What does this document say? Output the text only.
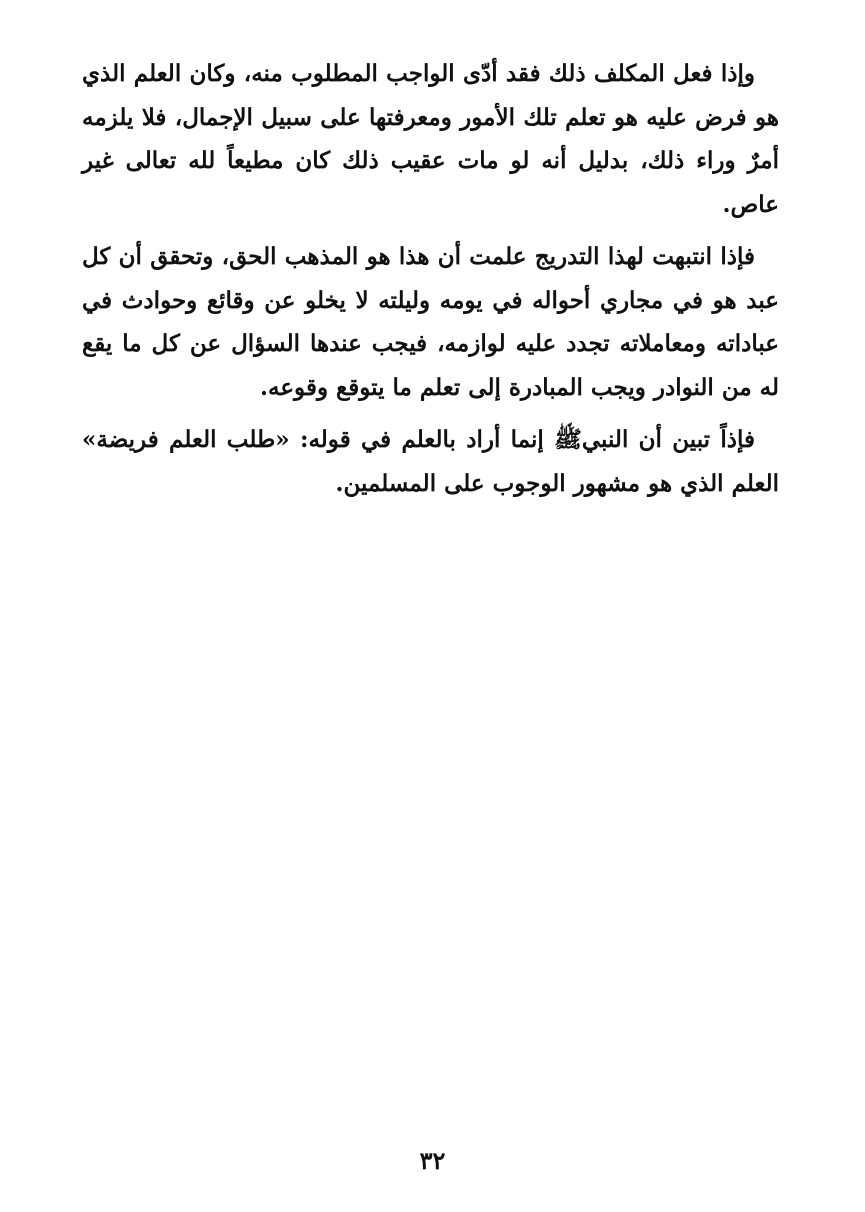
وإذا فعل المكلف ذلك فقد أدّى الواجب المطلوب منه، وكان العلم الذي هو فرض عليه هو تعلم تلك الأمور ومعرفتها على سبيل الإجمال، فلا يلزمه أمرٌ وراء ذلك، بدليل أنه لو مات عقيب ذلك كان مطيعاً لله تعالى غير عاص.

فإذا انتبهت لهذا التدريج علمت أن هذا هو المذهب الحق، وتحقق أن كل عبد هو في مجاري أحواله في يومه وليلته لا يخلو عن وقائع وحوادث في عباداته ومعاملاته تجدد عليه لوازمه، فيجب عندها السؤال عن كل ما يقع له من النوادر ويجب المبادرة إلى تعلم ما يتوقع وقوعه.

فإذاً تبين أن النبيﷺ إنما أراد بالعلم في قوله: «طلب العلم فريضة» العلم الذي هو مشهور الوجوب على المسلمين.

٣٢
